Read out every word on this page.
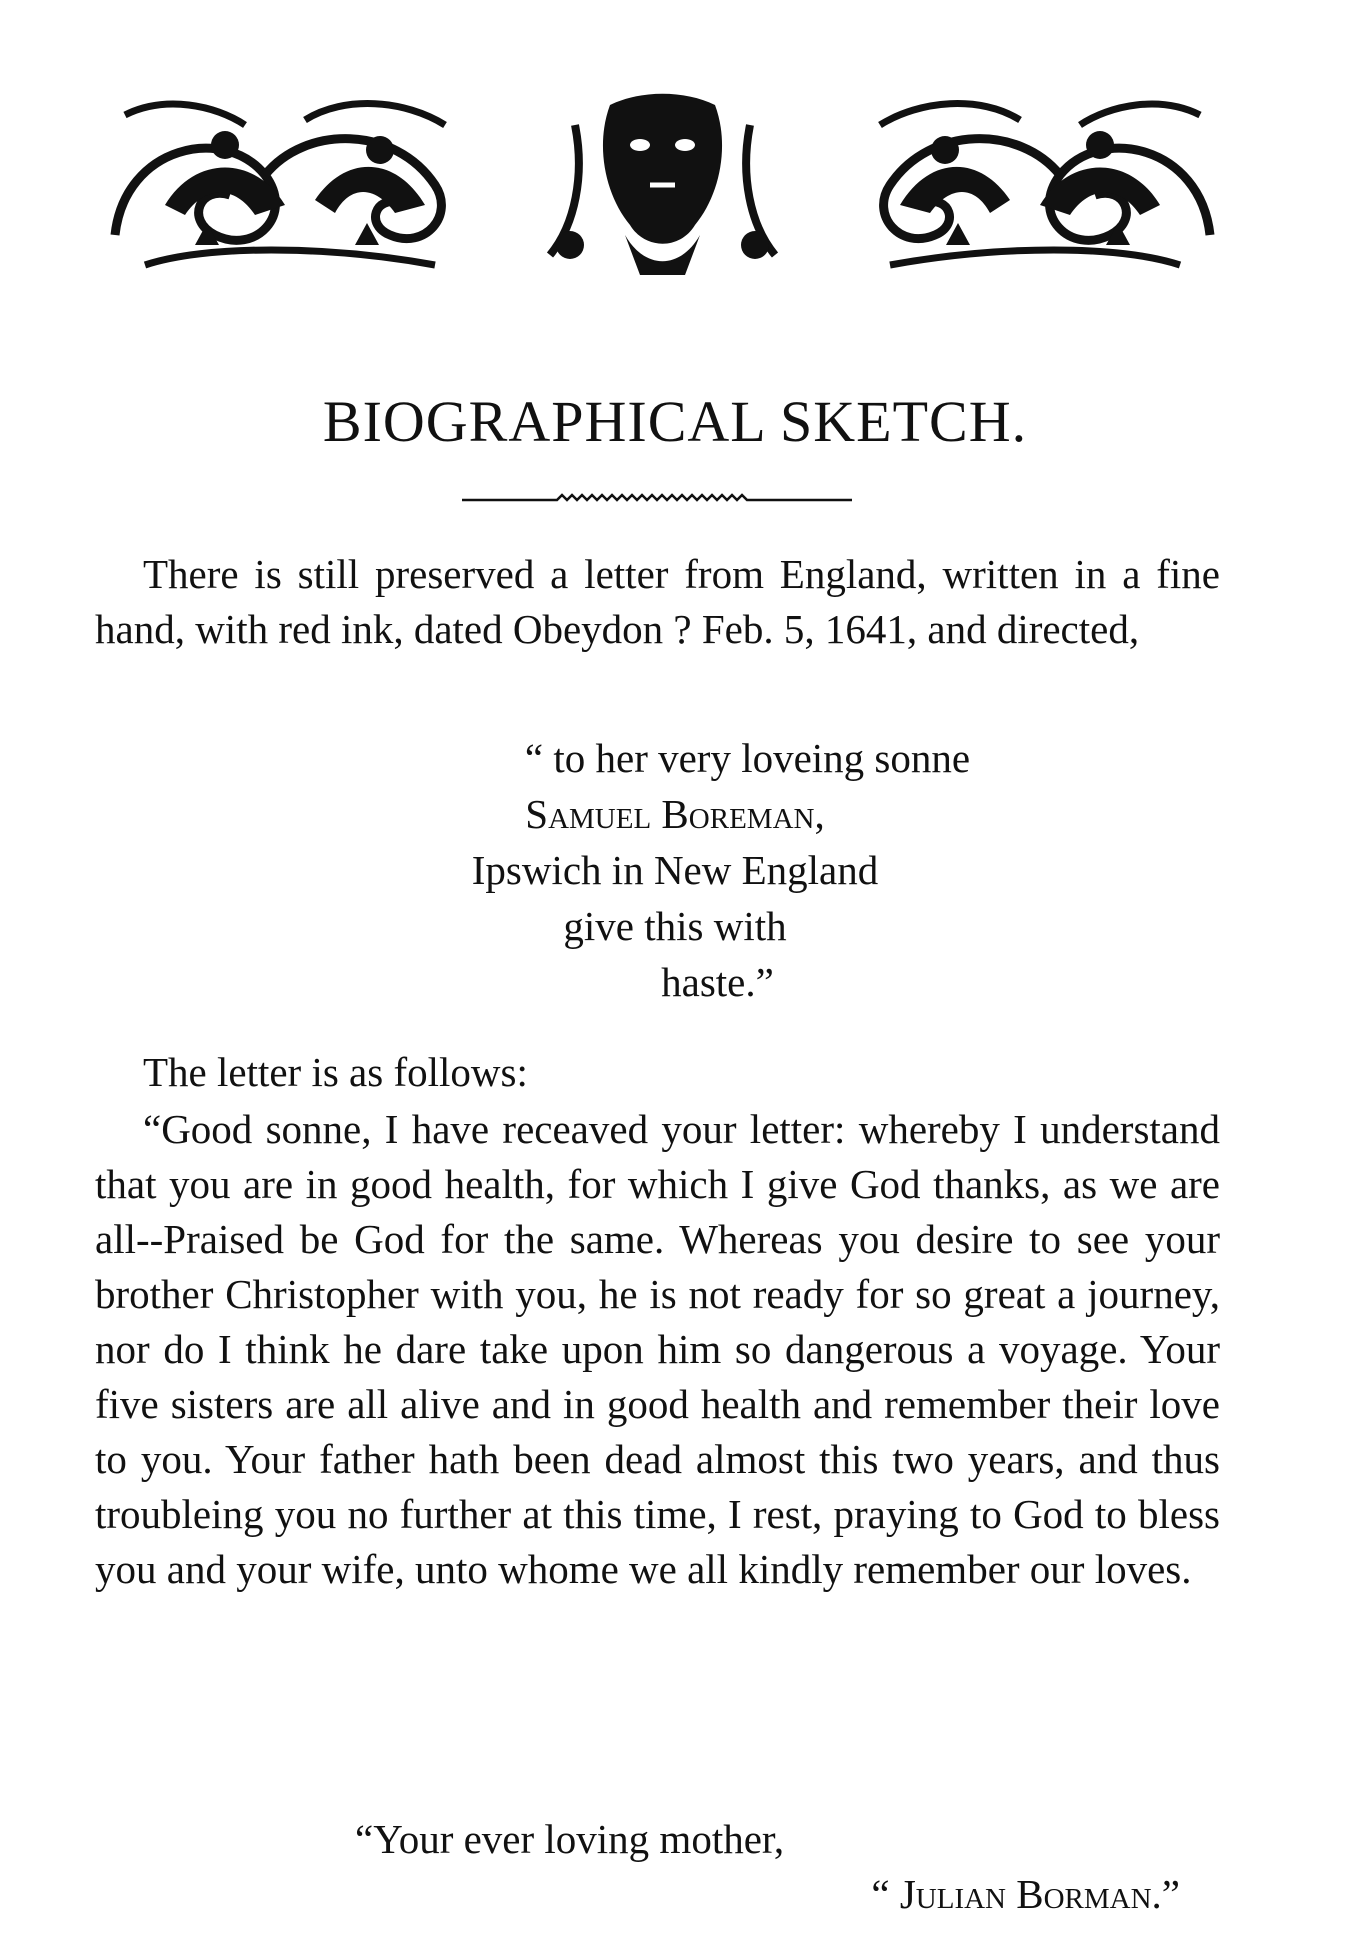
BIOGRAPHICAL SKETCH.

There is still preserved a letter from England, written in a fine hand, with red ink, dated Obeydon ? Feb. 5, 1641, and directed,

“ to her very loveing sonne
Samuel Boreman,
Ipswich in New England
give this with
haste.”

The letter is as follows:

“Good sonne, I have receaved your letter: whereby I understand that you are in good health, for which I give God thanks, as we are all--Praised be God for the same. Whereas you desire to see your brother Christopher with you, he is not ready for so great a journey, nor do I think he dare take upon him so dangerous a voyage. Your five sisters are all alive and in good health and remember their love to you. Your father hath been dead almost this two years, and thus troubleing you no further at this time, I rest, praying to God to bless you and your wife, unto whome we all kindly remember our loves.

“Your ever loving mother,
“ Julian Borman.”
